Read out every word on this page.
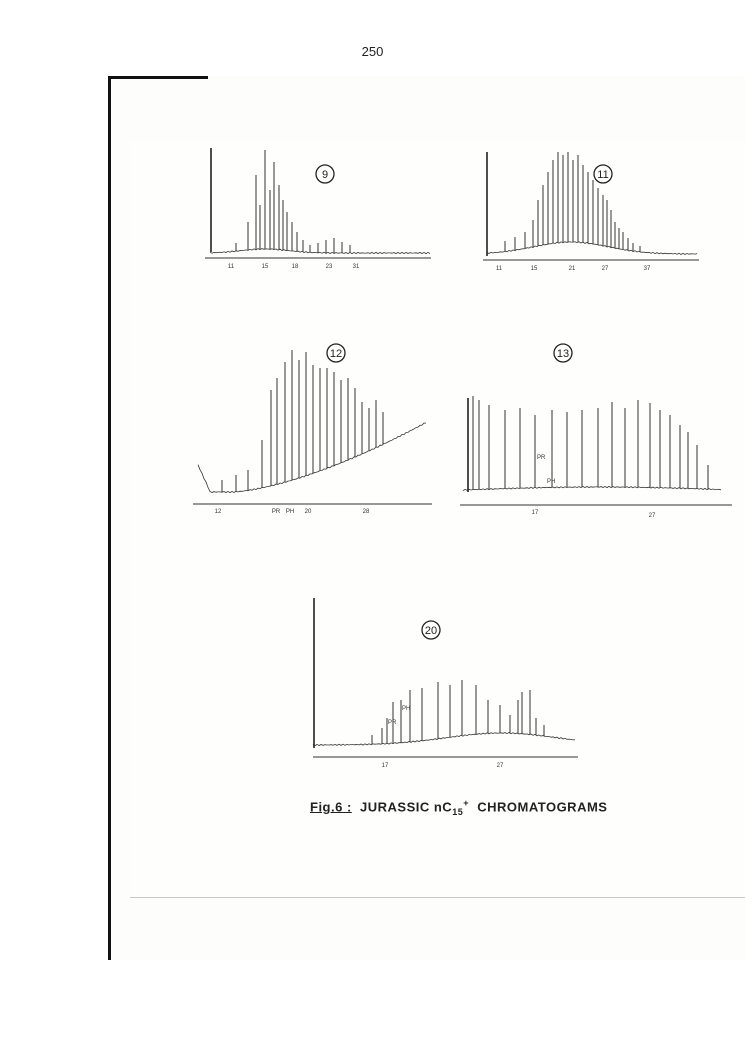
250
9
11	15	18	23	31
11
11	15	21	27	37
12
12	PR PH 20	28
13
PR
PH
17	27
20
PR
PH
17	27
Fig.6 : JURASSIC $nC_{15}^+$ CHROMATOGRAMS
